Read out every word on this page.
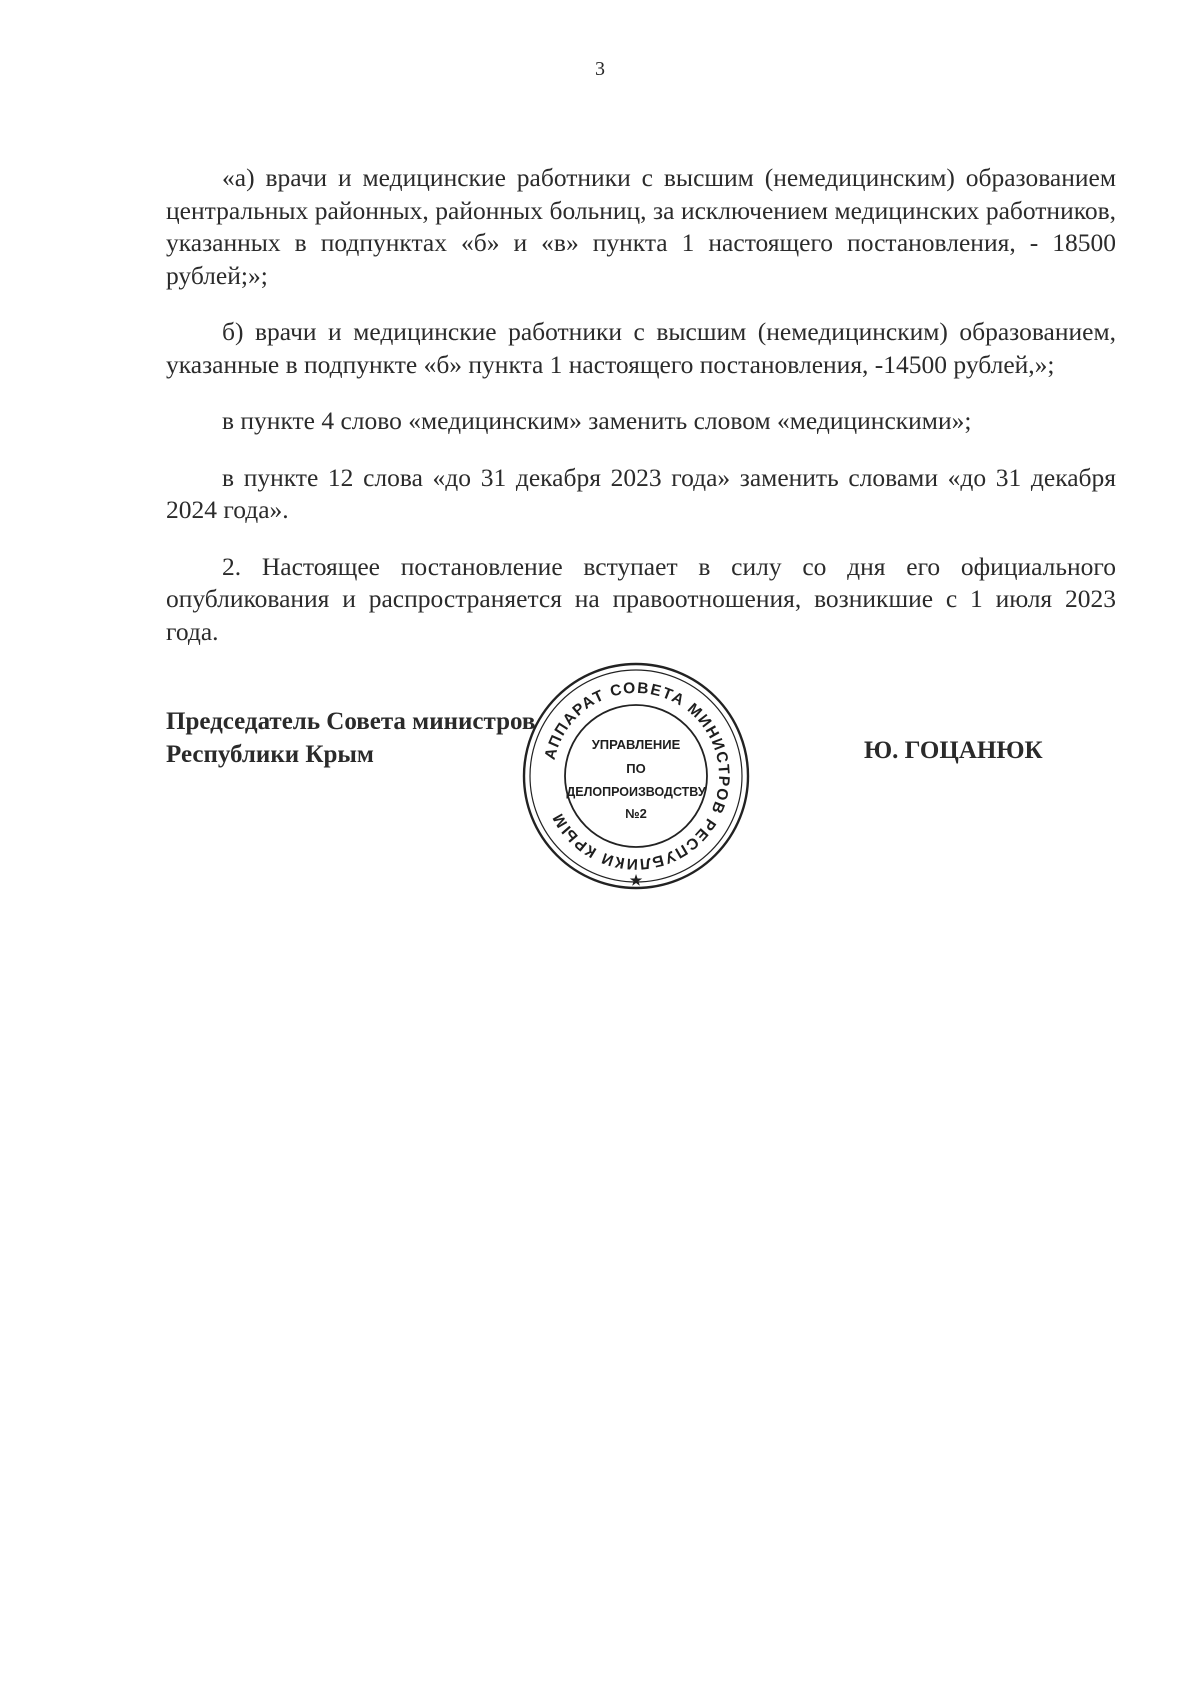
3

«а) врачи и медицинские работники с высшим (немедицинским) образованием центральных районных, районных больниц, за исключением медицинских работников, указанных в подпунктах «б» и «в» пункта 1 настоящего постановления, - 18500 рублей;»;

б) врачи и медицинские работники с высшим (немедицинским) образованием, указанные в подпункте «б» пункта 1 настоящего постановления, -14500 рублей,»;

в пункте 4 слово «медицинским» заменить словом «медицинскими»;

в пункте 12 слова «до 31 декабря 2023 года» заменить словами «до 31 декабря 2024 года».

2. Настоящее постановление вступает в силу со дня его официального опубликования и распространяется на правоотношения, возникшие с 1 июля 2023 года.

Председатель Совета министров
Республики Крым	Ю. ГОЦАНЮК
АППАРАТ СОВЕТА МИНИСТРОВ РЕСПУБЛИКИ КРЫМ
УПРАВЛЕНИЕ
ПО
ДЕЛОПРОИЗВОДСТВУ
№2
★
